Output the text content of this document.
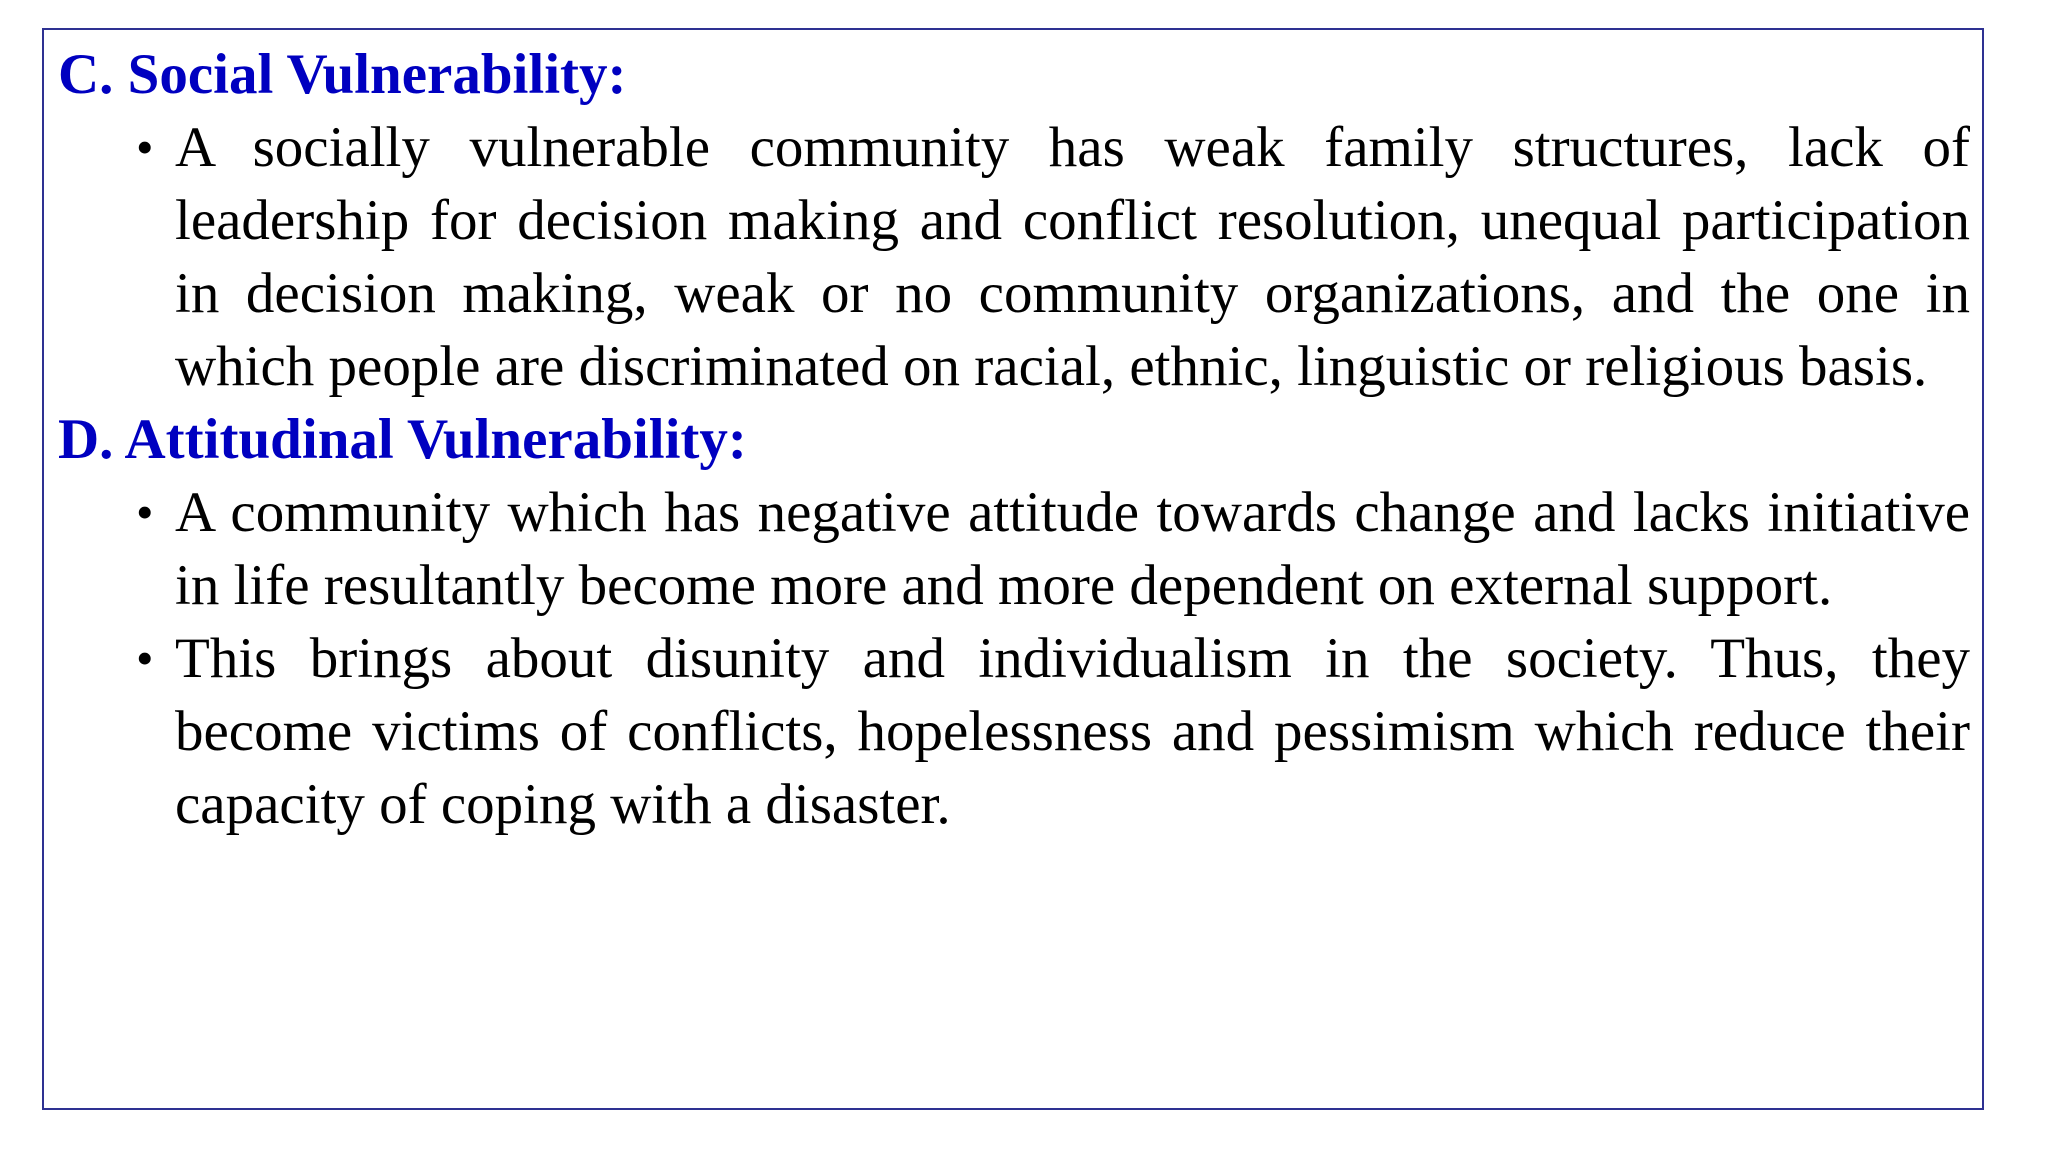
C. Social Vulnerability:
• A socially vulnerable community has weak family structures, lack of leadership for decision making and conflict resolution, unequal participation in decision making, weak or no community organizations, and the one in which people are discriminated on racial, ethnic, linguistic or religious basis.
D. Attitudinal Vulnerability:
• A community which has negative attitude towards change and lacks initiative in life resultantly become more and more dependent on external support.
• This brings about disunity and individualism in the society. Thus, they become victims of conflicts, hopelessness and pessimism which reduce their capacity of coping with a disaster.
